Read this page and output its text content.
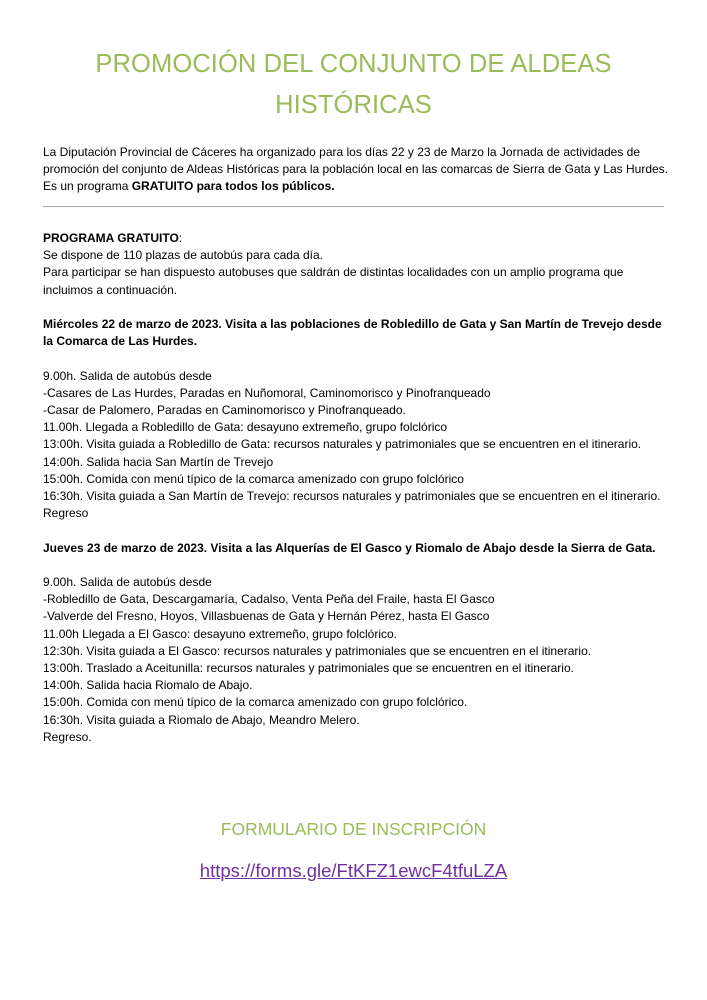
PROMOCIÓN DEL CONJUNTO DE ALDEAS
HISTÓRICAS
La Diputación Provincial de Cáceres ha organizado para los días 22 y 23 de Marzo la Jornada de actividades de promoción del conjunto de Aldeas Históricas para la población local en las comarcas de Sierra de Gata y Las Hurdes. Es un programa GRATUITO para todos los públicos.
PROGRAMA GRATUITO:
Se dispone de 110 plazas de autobús para cada día.
Para participar se han dispuesto autobuses que saldrán de distintas localidades con un amplio programa que incluimos a continuación.
Miércoles 22 de marzo de 2023. Visita a las poblaciones de Robledillo de Gata y San Martín de Trevejo desde la Comarca de Las Hurdes.
9.00h. Salida de autobús desde
-Casares de Las Hurdes, Paradas en Nuñomoral, Caminomorisco y Pinofranqueado
-Casar de Palomero, Paradas en Caminomorisco y Pinofranqueado.
11.00h. Llegada a Robledillo de Gata: desayuno extremeño, grupo folclórico
13:00h. Visita guiada a Robledillo de Gata: recursos naturales y patrimoniales que se encuentren en el itinerario.
14:00h. Salida hacia San Martín de Trevejo
15:00h. Comida con menú típico de la comarca amenizado con grupo folclórico
16:30h. Visita guiada a San Martín de Trevejo: recursos naturales y patrimoniales que se encuentren en el itinerario.
Regreso
Jueves 23 de marzo de 2023. Visita a las Alquerías de El Gasco y Riomalo de Abajo desde la Sierra de Gata.
9.00h. Salida de autobús desde
-Robledillo de Gata, Descargamaría, Cadalso, Venta Peña del Fraile, hasta El Gasco
-Valverde del Fresno, Hoyos, Villasbuenas de Gata y Hernán Pérez, hasta El Gasco
11.00h Llegada a El Gasco: desayuno extremeño, grupo folclórico.
12:30h. Visita guiada a El Gasco: recursos naturales y patrimoniales que se encuentren en el itinerario.
13:00h. Traslado a Aceitunilla: recursos naturales y patrimoniales que se encuentren en el itinerario.
14:00h. Salida hacia Riomalo de Abajo.
15:00h. Comida con menú típico de la comarca amenizado con grupo folclórico.
16:30h. Visita guiada a Riomalo de Abajo, Meandro Melero.
Regreso.
FORMULARIO DE INSCRIPCIÓN
https://forms.gle/FtKFZ1ewcF4tfuLZA
